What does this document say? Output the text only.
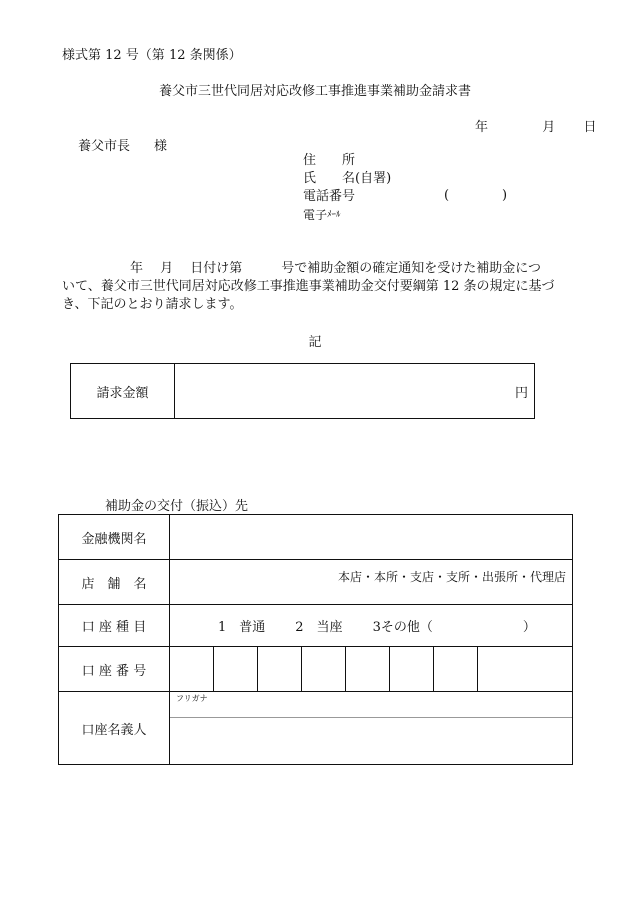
様式第 12 号（第 12 条関係）
養父市三世代同居対応改修工事推進事業補助金請求書
年	月 日
養父市長 様
住　　所
氏　　名(自署)
電話番号
電子 ﾒｰﾙ
(	)
年　 月　 日付け第　　　号で補助金額の確定通知を受けた補助金につ
いて、養父市三世代同居対応改修工事推進事業補助金交付要綱第 12 条の規定に基づ
き、下記のとおり請求します。
記
請求金額	円
補助金の交付（振込）先
金融機関名	
店　舗　名	本店・本所・支店・支所・出張所・代理店
口 座 種 目	1　普通 2　当座 3その他（ ）

口 座 番 号	

口座名義人	フリガナ
